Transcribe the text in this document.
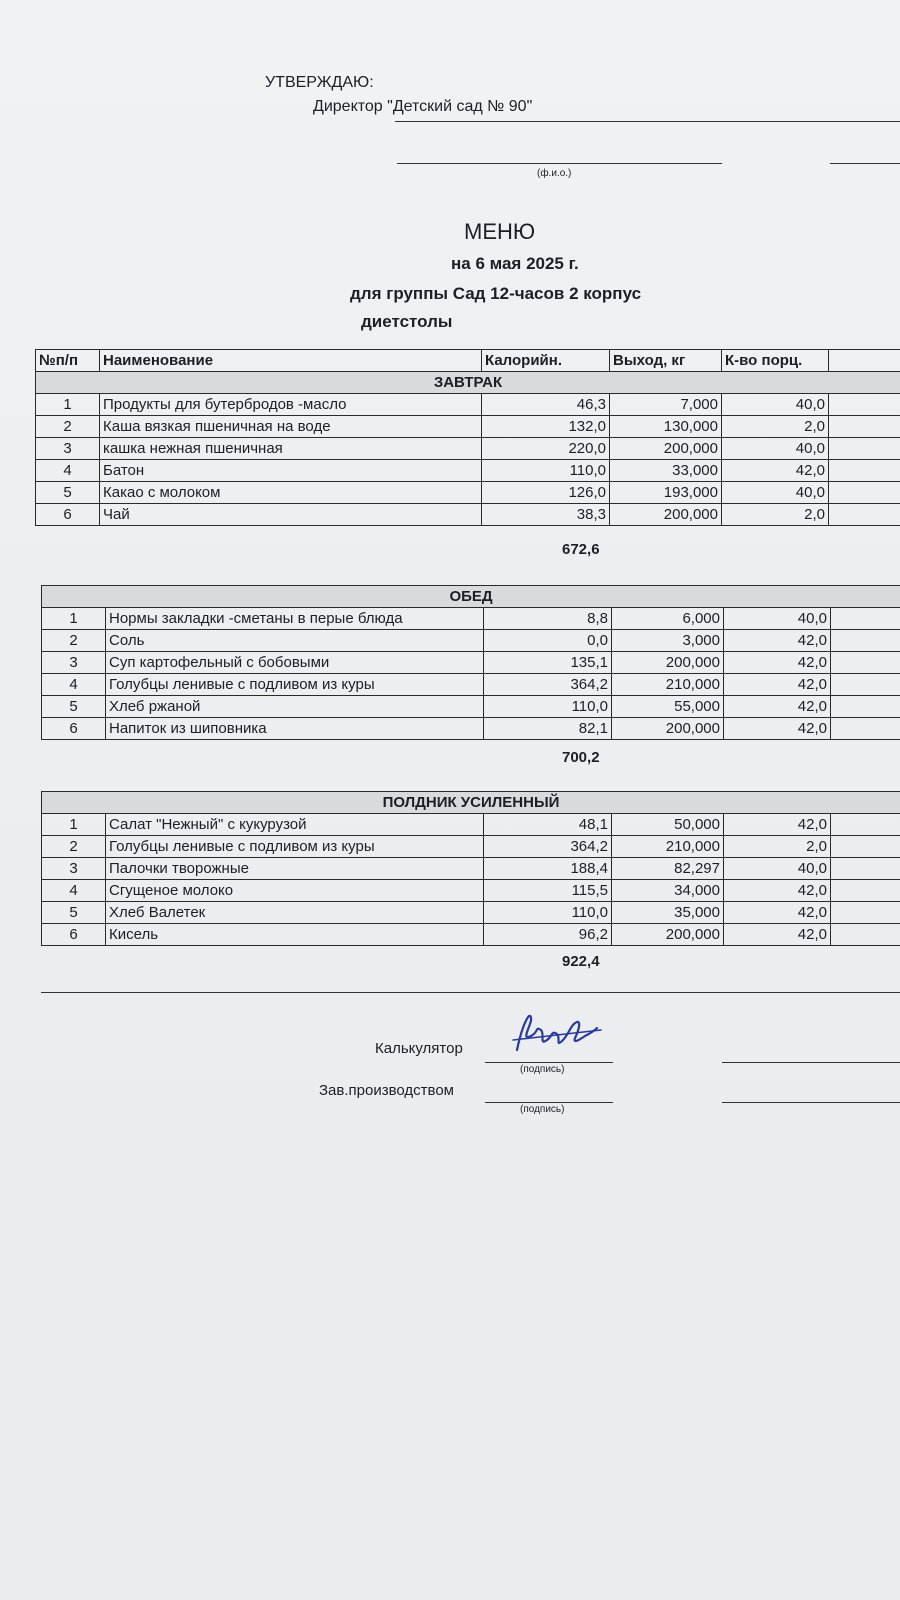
УТВЕРЖДАЮ:
Директор "Детский сад № 90"
(ф.и.о.)
МЕНЮ
на 6 мая 2025 г.
для группы Сад 12-часов 2 корпус
диетстолы
№п/п	Наименование	Калорийн.	Выход, кг	К-во порц.	
ЗАВТРАК					
1	Продукты для бутербродов -масло	46,3	7,000	40,0	
2	Каша вязкая пшеничная на воде	132,0	130,000	2,0	
3	кашка нежная пшеничная	220,0	200,000	40,0	
4	Батон	110,0	33,000	42,0	
5	Какао с молоком	126,0	193,000	40,0	
6	Чай	38,3	200,000	2,0	
672,6
ОБЕД					
1	Нормы закладки -сметаны в перые блюда	8,8	6,000	40,0	
2	Соль	0,0	3,000	42,0	
3	Суп картофельный с бобовыми	135,1	200,000	42,0	
4	Голубцы ленивые с подливом из куры	364,2	210,000	42,0	
5	Хлеб ржаной	110,0	55,000	42,0	
6	Напиток из шиповника	82,1	200,000	42,0	
700,2
ПОЛДНИК УСИЛЕННЫЙ					
1	Салат "Нежный" с кукурузой	48,1	50,000	42,0	
2	Голубцы ленивые с подливом из куры	364,2	210,000	2,0	
3	Палочки творожные	188,4	82,297	40,0	
4	Сгущеное молоко	115,5	34,000	42,0	
5	Хлеб Валетек	110,0	35,000	42,0	
6	Кисель	96,2	200,000	42,0	
922,4
Калькулятор
(подпись)
Зав.производством
(подпись)
